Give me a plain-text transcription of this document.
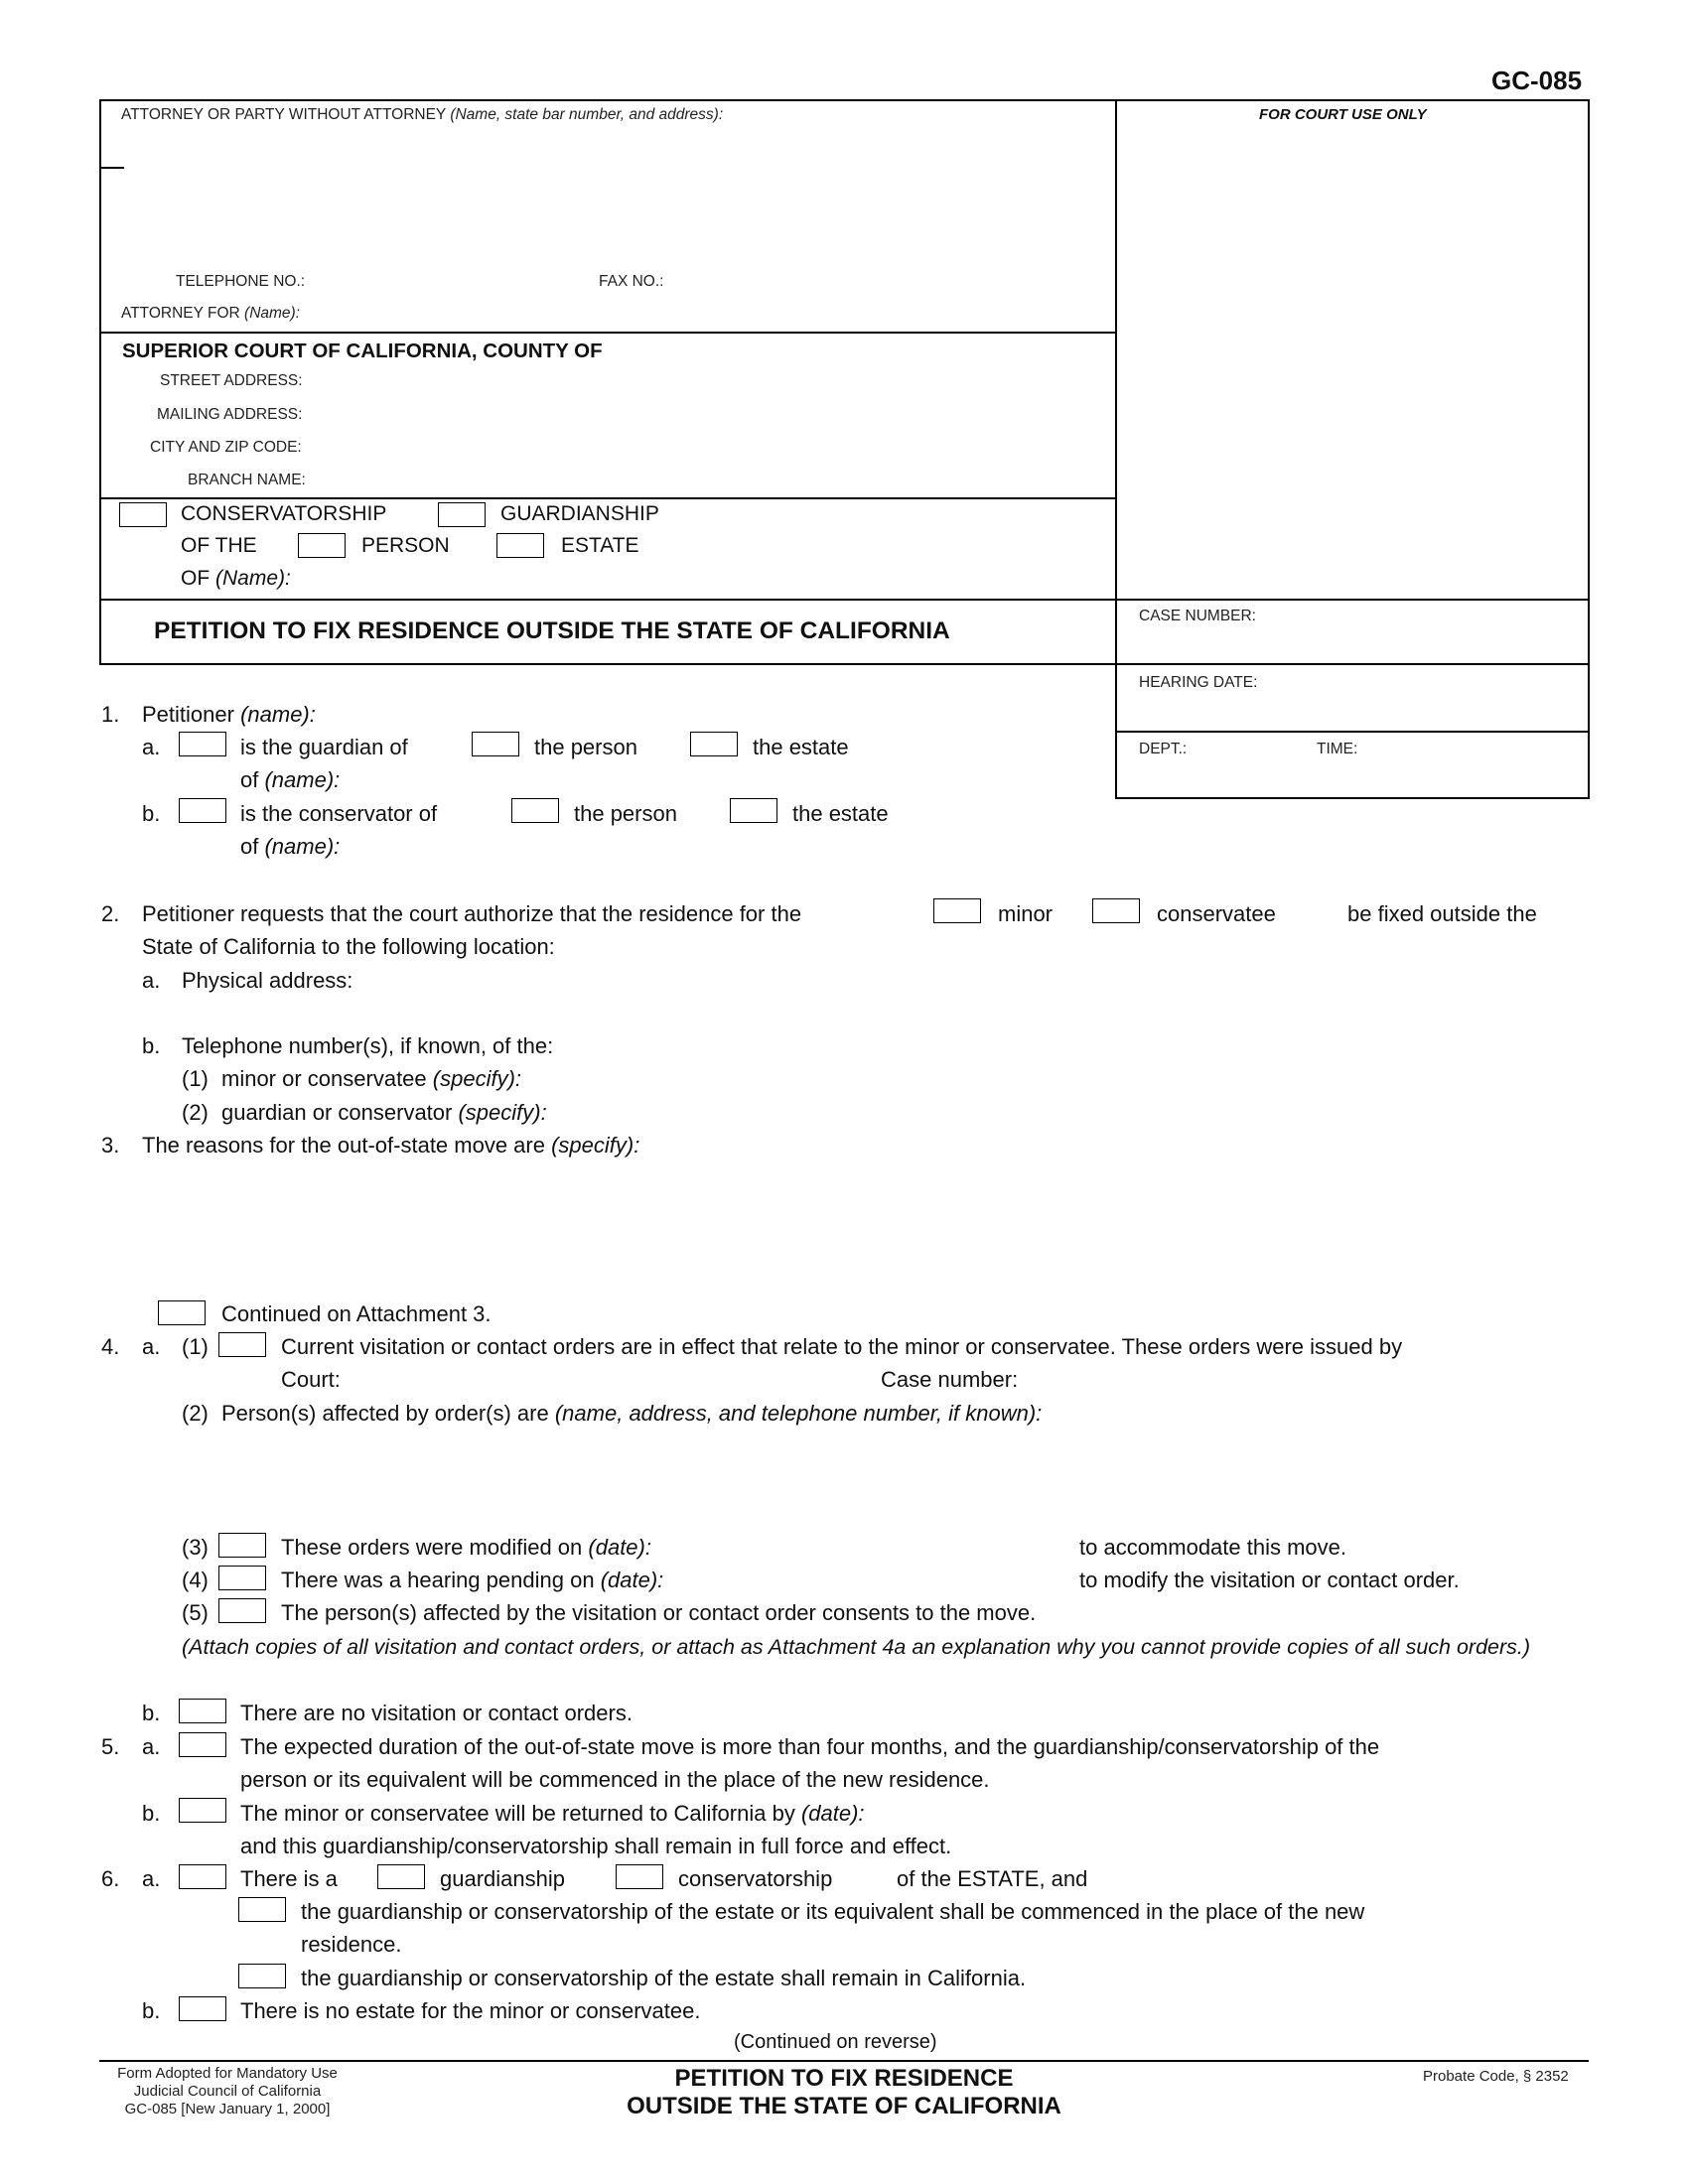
GC-085
ATTORNEY OR PARTY WITHOUT ATTORNEY (Name, state bar number, and address):	FOR COURT USE ONLY
TELEPHONE NO.:	FAX NO.:
ATTORNEY FOR (Name):
SUPERIOR COURT OF CALIFORNIA, COUNTY OF
STREET ADDRESS:
MAILING ADDRESS:
CITY AND ZIP CODE:
BRANCH NAME:
CONSERVATORSHIP	GUARDIANSHIP
OF THE	PERSON	ESTATE
OF (Name):
PETITION TO FIX RESIDENCE OUTSIDE THE STATE OF CALIFORNIA
CASE NUMBER:
HEARING DATE:
DEPT.:	TIME:
1. Petitioner (name):
a.	is the guardian of	the person	the estate
of (name):
b.	is the conservator of	the person	the estate
of (name):
2. Petitioner requests that the court authorize that the residence for the	minor	conservatee	be fixed outside the
State of California to the following location:
a. Physical address:
b. Telephone number(s), if known, of the:
(1) minor or conservatee (specify):
(2) guardian or conservator (specify):
3. The reasons for the out-of-state move are (specify):
Continued on Attachment 3.
4. a. (1)	Current visitation or contact orders are in effect that relate to the minor or conservatee. These orders were issued by
Court:	Case number:
(2) Person(s) affected by order(s) are (name, address, and telephone number, if known):
(3)	These orders were modified on (date):	to accommodate this move.
(4)	There was a hearing pending on (date):	to modify the visitation or contact order.
(5)	The person(s) affected by the visitation or contact order consents to the move.
(Attach copies of all visitation and contact orders, or attach as Attachment 4a an explanation why you cannot provide copies of all such orders.)
b.	There are no visitation or contact orders.
5. a.	The expected duration of the out-of-state move is more than four months, and the guardianship/conservatorship of the
person or its equivalent will be commenced in the place of the new residence.
b.	The minor or conservatee will be returned to California by (date):
and this guardianship/conservatorship shall remain in full force and effect.
6. a.	There is a	guardianship	conservatorship	of the ESTATE, and
the guardianship or conservatorship of the estate or its equivalent shall be commenced in the place of the new
residence.
the guardianship or conservatorship of the estate shall remain in California.
b.	There is no estate for the minor or conservatee.
(Continued on reverse)
Form Adopted for Mandatory Use
Judicial Council of California
GC-085 [New January 1, 2000]
PETITION TO FIX RESIDENCE
OUTSIDE THE STATE OF CALIFORNIA
Probate Code, § 2352
